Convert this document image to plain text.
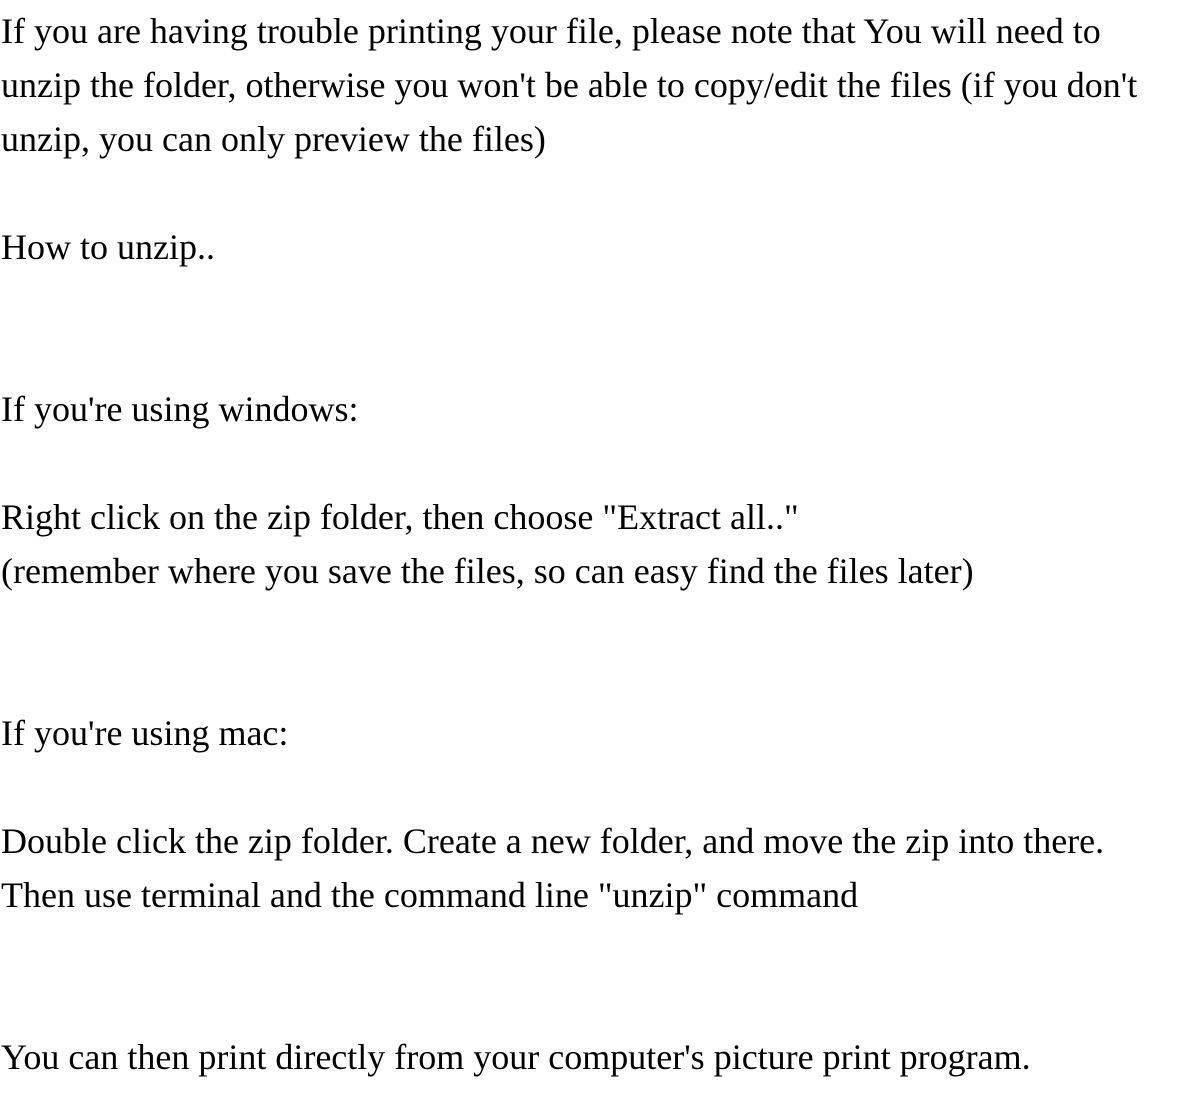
If you are having trouble printing your file, please note that You will need to

unzip the folder, otherwise you won't be able to copy/edit the files (if you don't

unzip, you can only preview the files)

How to unzip..

If you're using windows:

Right click on the zip folder, then choose "Extract all.."

(remember where you save the files, so can easy find the files later)

If you're using mac:

Double click the zip folder. Create a new folder, and move the zip into there.

Then use terminal and the command line "unzip" command

You can then print directly from your computer's picture print program.
